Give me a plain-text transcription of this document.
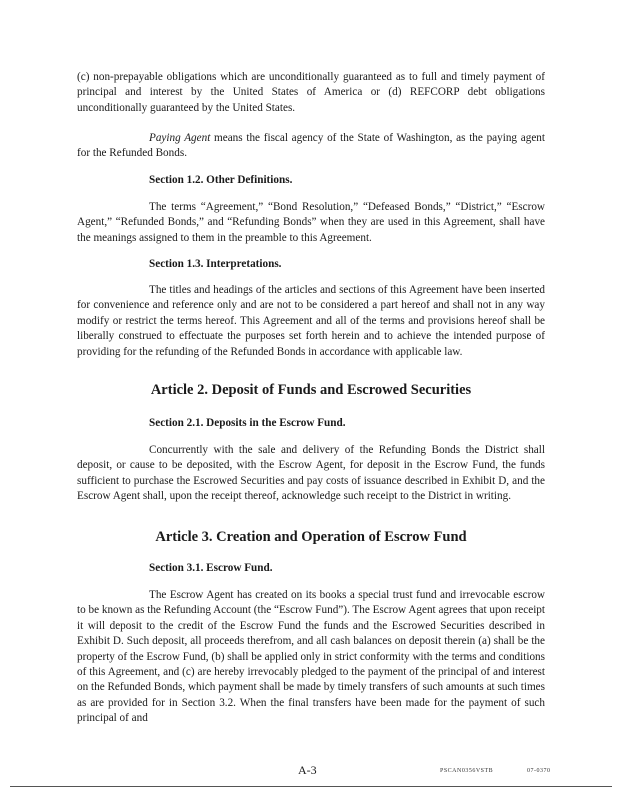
(c) non-prepayable obligations which are unconditionally guaranteed as to full and timely payment of principal and interest by the United States of America or (d) REFCORP debt obligations unconditionally guaranteed by the United States.

Paying Agent means the fiscal agency of the State of Washington, as the paying agent for the Refunded Bonds.

Section 1.2. Other Definitions.

The terms “Agreement,” “Bond Resolution,” “Defeased Bonds,” “District,” “Escrow Agent,” “Refunded Bonds,” and “Refunding Bonds” when they are used in this Agreement, shall have the meanings assigned to them in the preamble to this Agreement.

Section 1.3. Interpretations.

The titles and headings of the articles and sections of this Agreement have been inserted for convenience and reference only and are not to be considered a part hereof and shall not in any way modify or restrict the terms hereof. This Agreement and all of the terms and provisions hereof shall be liberally construed to effectuate the purposes set forth herein and to achieve the intended purpose of providing for the refunding of the Refunded Bonds in accordance with applicable law.

Article 2. Deposit of Funds and Escrowed Securities

Section 2.1. Deposits in the Escrow Fund.

Concurrently with the sale and delivery of the Refunding Bonds the District shall deposit, or cause to be deposited, with the Escrow Agent, for deposit in the Escrow Fund, the funds sufficient to purchase the Escrowed Securities and pay costs of issuance described in Exhibit D, and the Escrow Agent shall, upon the receipt thereof, acknowledge such receipt to the District in writing.

Article 3. Creation and Operation of Escrow Fund

Section 3.1. Escrow Fund.

The Escrow Agent has created on its books a special trust fund and irrevocable escrow to be known as the Refunding Account (the “Escrow Fund”). The Escrow Agent agrees that upon receipt it will deposit to the credit of the Escrow Fund the funds and the Escrowed Securities described in Exhibit D. Such deposit, all proceeds therefrom, and all cash balances on deposit therein (a) shall be the property of the Escrow Fund, (b) shall be applied only in strict conformity with the terms and conditions of this Agreement, and (c) are hereby irrevocably pledged to the payment of the principal of and interest on the Refunded Bonds, which payment shall be made by timely transfers of such amounts at such times as are provided for in Section 3.2. When the final transfers have been made for the payment of such principal of and

A-3	PSCAN0356VSTB	07-0370
